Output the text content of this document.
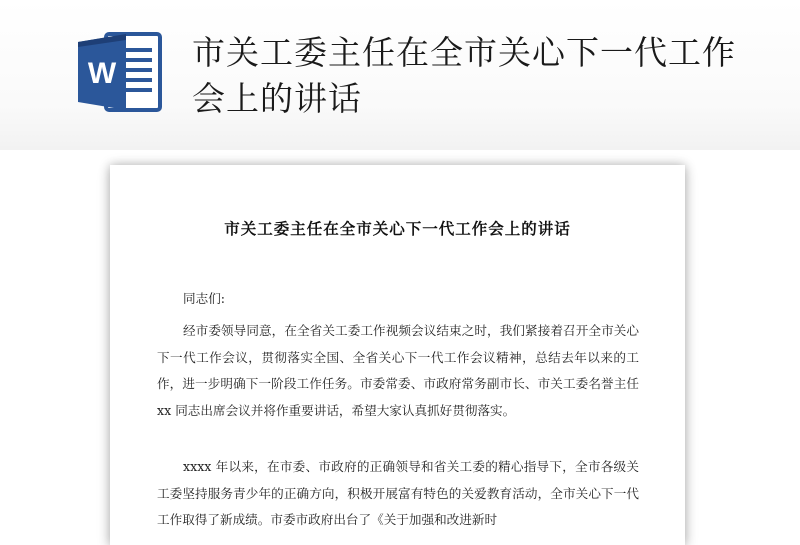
W
市关工委主任在全市关心下一代工作会上的讲话
市关工委主任在全市关心下一代工作会上的讲话
同志们:

经市委领导同意，在全省关工委工作视频会议结束之时，我们紧接着召开全市关心下一代工作会议，贯彻落实全国、全省关心下一代工作会议精神，总结去年以来的工作，进一步明确下一阶段工作任务。市委常委、市政府常务副市长、市关工委名誉主任 xx 同志出席会议并将作重要讲话，希望大家认真抓好贯彻落实。

xxxx 年以来，在市委、市政府的正确领导和省关工委的精心指导下，全市各级关工委坚持服务青少年的正确方向，积极开展富有特色的关爱教育活动，全市关心下一代工作取得了新成绩。市委市政府出台了《关于加强和改进新时
